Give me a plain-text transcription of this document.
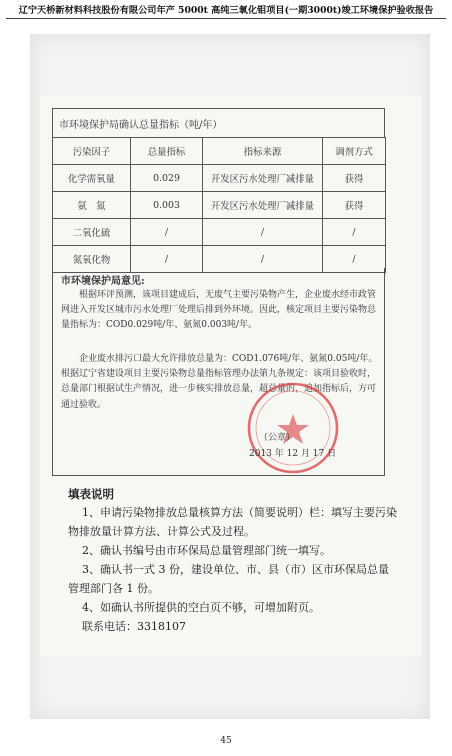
辽宁天桥新材料科技股份有限公司年产 5000t 高纯三氧化钼项目(一期3000t)竣工环境保护验收报告
市环境保护局确认总量指标（吨/年）
污染因子	总量指标	指标来源	调剂方式
化学需氧量	0.029	开发区污水处理厂减排量	获得
氨　氮	0.003	开发区污水处理厂减排量	获得
二氧化硫	/	/	/
氮氧化物	/	/	/
市环境保护局意见:
根据环评预测，该项目建成后，无废气主要污染物产生，企业废水经市政管网进入开发区城市污水处理厂处理后排到外环境。因此，核定项目主要污染物总量指标为：COD0.029吨/年、氨氮0.003吨/年。
企业废水排污口最大允许排放总量为：COD1.076吨/年、氨氮0.05吨/年。根据辽宁省建设项目主要污染物总量指标管理办法第九条规定：该项目验收时，总量部门根据试生产情况，进一步核实排放总量，超总量的，追加指标后，方可通过验收。
（公章）
2013 年 12 月 17 日
填表说明
1、申请污染物排放总量核算方法（简要说明）栏：填写主要污染物排放量计算方法、计算公式及过程。
2、确认书编号由市环保局总量管理部门统一填写。
3、确认书一式 3 份，建设单位、市、县（市）区市环保局总量管理部门各 1 份。
4、如确认书所提供的空白页不够，可增加附页。
联系电话：3318107
45
